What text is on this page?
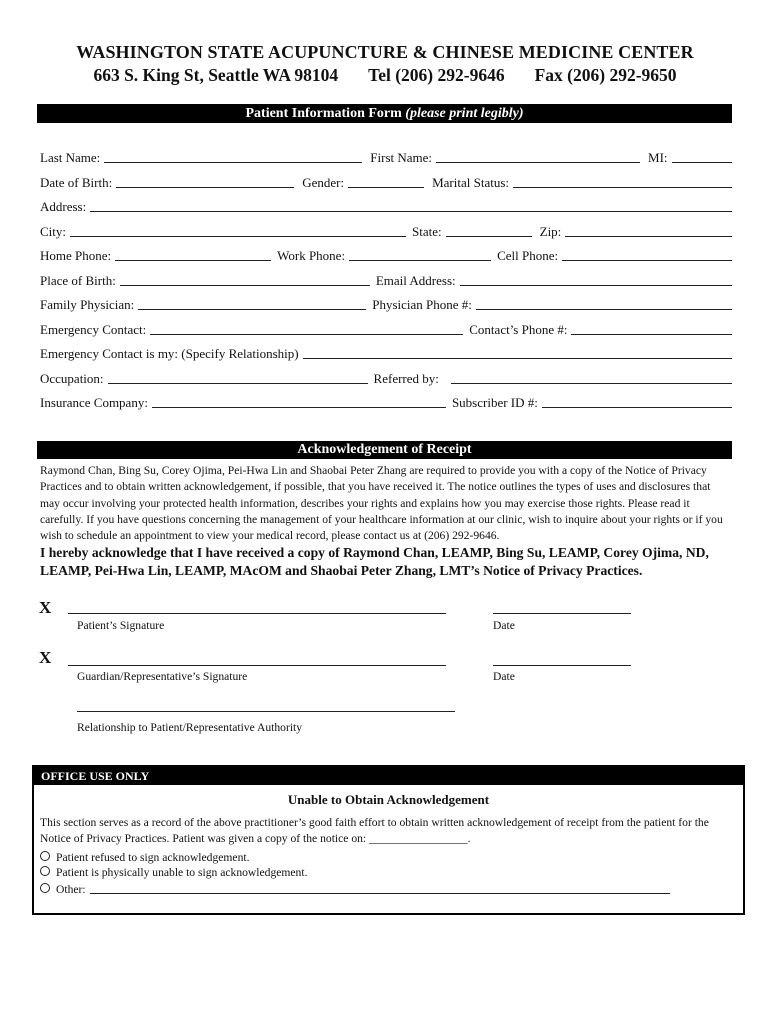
WASHINGTON STATE ACUPUNCTURE & CHINESE MEDICINE CENTER
663 S. King St, Seattle WA 98104 Tel (206) 292-9646 Fax (206) 292-9650
Patient Information Form (please print legibly)
Last Name:	First Name:	MI:
Date of Birth:	Gender:	Marital Status:
Address:
City:	State:	Zip:
Home Phone:	Work Phone:	Cell Phone:
Place of Birth:	Email Address:
Family Physician:	Physician Phone #:
Emergency Contact:	Contact’s Phone #:
Emergency Contact is my: (Specify Relationship)
Occupation:	Referred by:
Insurance Company:	Subscriber ID #:
Acknowledgement of Receipt
Raymond Chan, Bing Su, Corey Ojima, Pei-Hwa Lin and Shaobai Peter Zhang are required to provide you with a copy of the Notice of Privacy Practices and to obtain written acknowledgement, if possible, that you have received it. The notice outlines the types of uses and disclosures that may occur involving your protected health information, describes your rights and explains how you may exercise those rights. Please read it carefully. If you have questions concerning the management of your healthcare information at our clinic, wish to inquire about your rights or if you wish to schedule an appointment to view your medical record, please contact us at (206) 292-9646.
I hereby acknowledge that I have received a copy of Raymond Chan, LEAMP, Bing Su, LEAMP, Corey Ojima, ND, LEAMP, Pei-Hwa Lin, LEAMP, MAcOM and Shaobai Peter Zhang, LMT’s Notice of Privacy Practices.
X
Patient’s Signature	Date
X
Guardian/Representative’s Signature	Date
Relationship to Patient/Representative Authority
OFFICE USE ONLY
Unable to Obtain Acknowledgement
This section serves as a record of the above practitioner’s good faith effort to obtain written acknowledgement of receipt from the patient for the Notice of Privacy Practices. Patient was given a copy of the notice on: _________________.
Patient refused to sign acknowledgement.
Patient is physically unable to sign acknowledgement.
Other:
